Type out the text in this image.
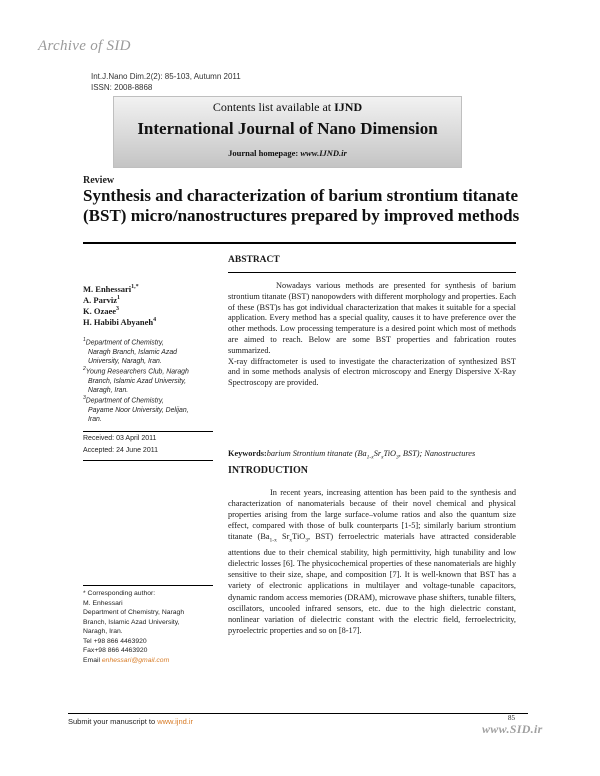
Archive of SID
Int.J.Nano Dim.2(2): 85-103, Autumn 2011
ISSN: 2008-8868
Contents list available at IJND
International Journal of Nano Dimension
Journal homepage: www.IJND.ir
Review
Synthesis and characterization of barium strontium titanate
(BST) micro/nanostructures prepared by improved methods
ABSTRACT
M. Enhessari$^{1,*}$
A. Parviz$^1$
K. Ozaee$^3$
H. Habibi Abyaneh$^4$
$^1$Department of Chemistry,
Naragh Branch, Islamic Azad
University, Naragh, Iran.
$^2$Young Researchers Club, Naragh
Branch, Islamic Azad University,
Naragh, Iran.
$^3$Department of Chemistry,
Payame Noor University, Delijan,
Iran.
Received: 03 April 2011
Accepted: 24 June 2011

Nowadays various methods are presented for synthesis of barium strontium titanate (BST) nanopowders with different morphology and properties. Each of these (BST)s has got individual characterization that makes it suitable for a special application. Every method has a special quality, causes it to have preference over the other methods. Low processing temperature is a desired point which most of methods are aimed to reach. Below are some BST properties and fabrication routes summarized.

X-ray diffractometer is used to investigate the characterization of synthesized BST and in some methods analysis of electron microscopy and Energy Dispersive X-Ray Spectroscopy are provided.

Keywords:barium Strontium titanate ($Ba_{1-x}Sr_xTiO_3$, BST); Nanostructures
INTRODUCTION

In recent years, increasing attention has been paid to the synthesis and characterization of nanomaterials because of their novel chemical and physical properties arising from the large surface–volume ratios and also the quantum size effect, compared with those of bulk counterparts [1-5]; similarly barium strontium titanate ($Ba_{1-x}$ $Sr_xTiO_3$, BST) ferroelectric materials have attracted considerable attentions due to their chemical stability, high permittivity, high tunability and low dielectric losses [6]. The physicochemical properties of these nanomaterials are highly sensitive to their size, shape, and composition [7]. It is well-known that BST has a variety of electronic applications in multilayer and voltage-tunable capacitors, dynamic random access memories (DRAM), microwave phase shifters, tunable filters, oscillators, uncooled infrared sensors, etc. due to the high dielectric constant, nonlinear variation of dielectric constant with the electric field, ferroelectricity, pyroelectric properties and so on [8-17].

* Corresponding author:
M. Enhessari
Department of Chemistry, Naragh
Branch, Islamic Azad University,
Naragh, Iran.
Tel +98 866 4463920
Fax+98 866 4463920
Email enhessari@gmail.com
Submit your manuscript to www.ijnd.ir	85
www.SID.ir
